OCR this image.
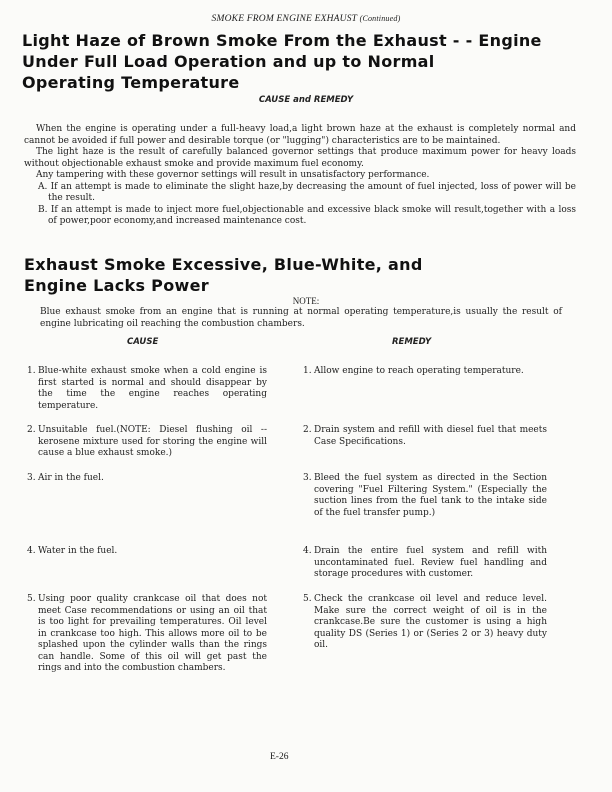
SMOKE FROM ENGINE EXHAUST (Continued)
Light Haze of Brown Smoke From the Exhaust - - Engine
Under Full Load Operation and up to Normal
Operating Temperature
CAUSE and REMEDY

When the engine is operating under a full-heavy load,a light brown haze at the exhaust is completely normal and cannot be avoided if full power and desirable torque (or "lugging") characteristics are to be maintained.

The light haze is the result of carefully balanced governor settings that produce maximum power for heavy loads without objectionable exhaust smoke and provide maximum fuel economy.

Any tampering with these governor settings will result in unsatisfactory performance.

A. If an attempt is made to eliminate the slight haze,by decreasing the amount of fuel injected, loss of power will be the result.

B. If an attempt is made to inject more fuel,objectionable and excessive black smoke will result,together with a loss of power,poor economy,and increased maintenance cost.

Exhaust Smoke Excessive, Blue-White, and
Engine Lacks Power
NOTE:
Blue exhaust smoke from an engine that is running at normal operating temperature,is usually the result of engine lubricating oil reaching the combustion chambers.
CAUSE	REMEDY
1. Blue-white exhaust smoke when a cold engine is first started is normal and should disappear by the time the engine reaches operating temperature.
2. Unsuitable fuel.(NOTE: Diesel flushing oil --kerosene mixture used for storing the engine will cause a blue exhaust smoke.)
3. Air in the fuel.
4. Water in the fuel.
5. Using poor quality crankcase oil that does not meet Case recommendations or using an oil that is too light for prevailing temperatures. Oil level in crankcase too high. This allows more oil to be splashed upon the cylinder walls than the rings can handle. Some of this oil will get past the rings and into the combustion chambers.
1. Allow engine to reach operating temperature.
2. Drain system and refill with diesel fuel that meets Case Specifications.
3. Bleed the fuel system as directed in the Section covering "Fuel Filtering System." (Especially the suction lines from the fuel tank to the intake side of the fuel transfer pump.)
4. Drain the entire fuel system and refill with uncontaminated fuel. Review fuel handling and storage procedures with customer.
5. Check the crankcase oil level and reduce level. Make sure the correct weight of oil is in the crankcase.Be sure the customer is using a high quality DS (Series 1) or (Series 2 or 3) heavy duty oil.
E-26
